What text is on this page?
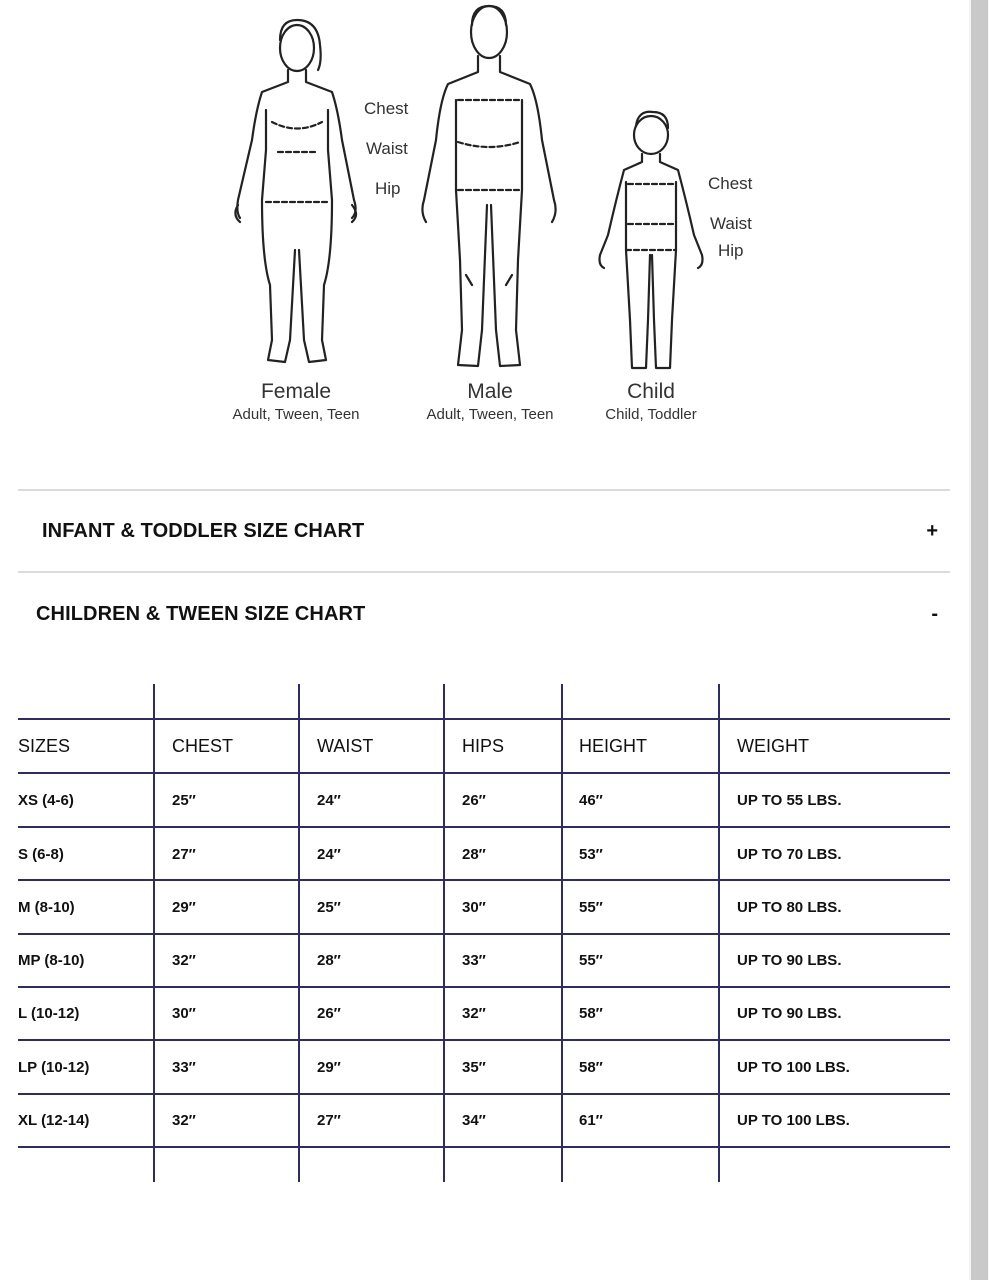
Chest
Waist
Hip	Chest
Waist
Hip
Female
Adult, Tween, Teen
Male
Adult, Tween, Teen
Child
Child, Toddler
INFANT & TODDLER SIZE CHART	+
CHILDREN & TWEEN SIZE CHART	-
SIZES	CHEST	WAIST	HIPS	HEIGHT	WEIGHT
XS (4-6)	25″	24″	26″	46″	UP TO 55 LBS.
S (6-8)	27″	24″	28″	53″	UP TO 70 LBS.
M (8-10)	29″	25″	30″	55″	UP TO 80 LBS.
MP (8-10)	32″	28″	33″	55″	UP TO 90 LBS.
L (10-12)	30″	26″	32″	58″	UP TO 90 LBS.
LP (10-12)	33″	29″	35″	58″	UP TO 100 LBS.
XL (12-14)	32″	27″	34″	61″	UP TO 100 LBS.
